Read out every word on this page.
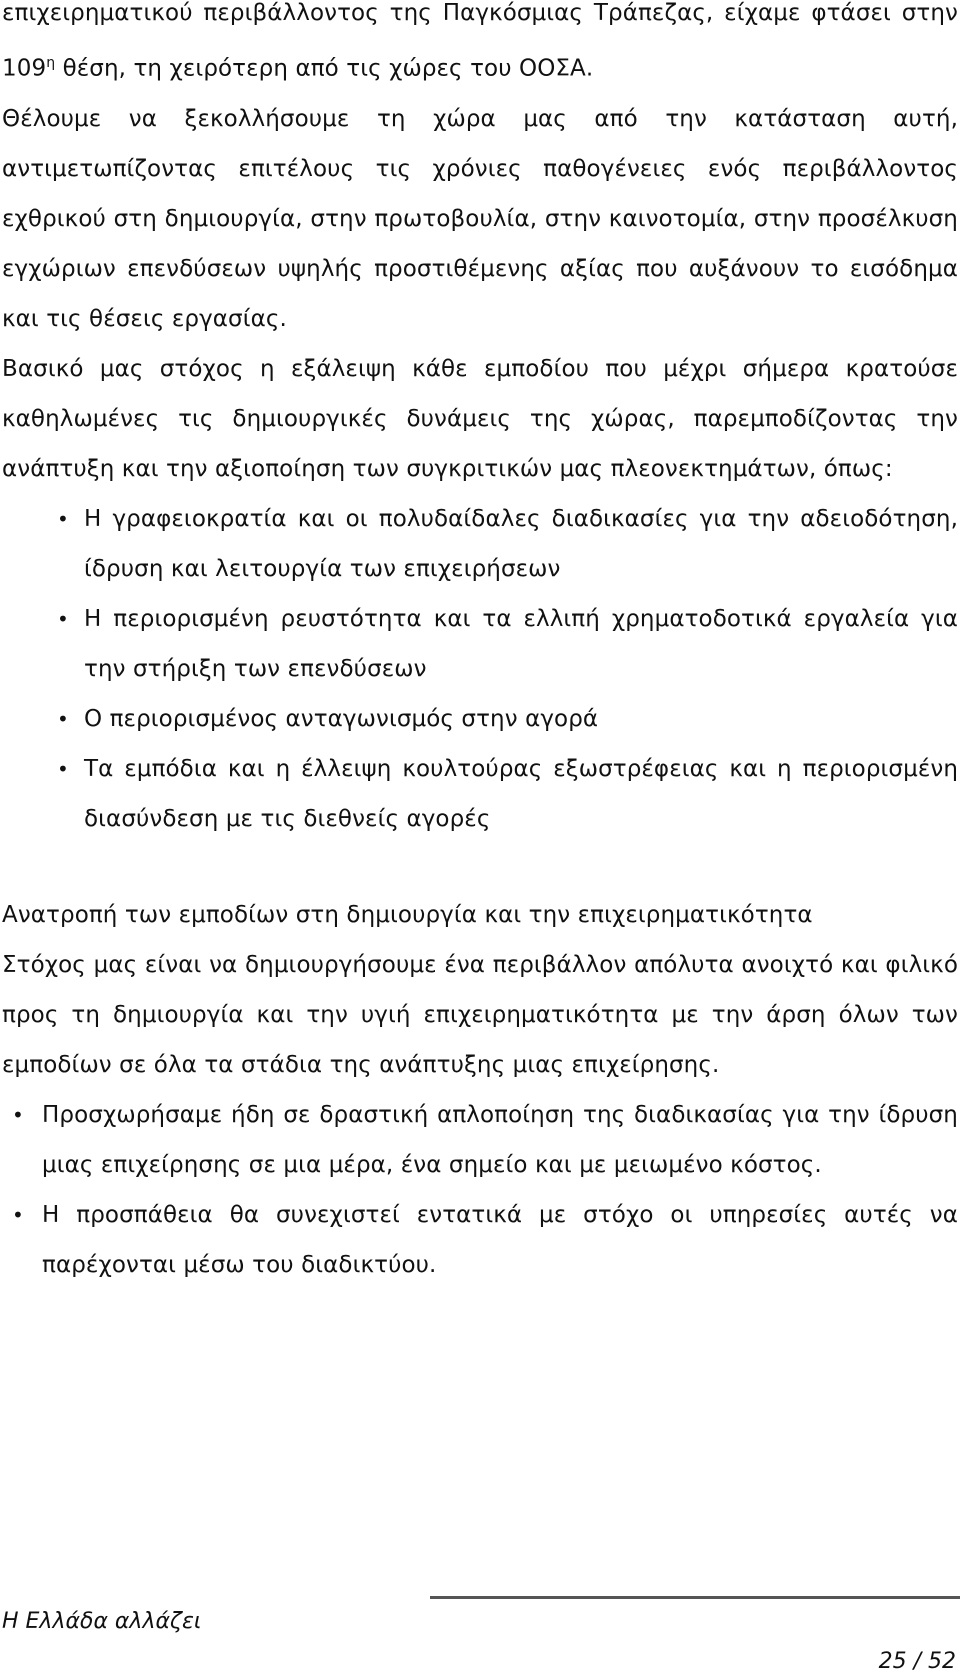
επιχειρηματικού περιβάλλοντος της Παγκόσμιας Τράπεζας, είχαμε φτάσει στην $109^\eta$ θέση, τη χειρότερη από τις χώρες του ΟΟΣΑ.

Θέλουμε να ξεκολλήσουμε τη χώρα μας από την κατάσταση αυτή, αντιμετωπίζοντας επιτέλους τις χρόνιες παθογένειες ενός περιβάλλοντος εχθρικού στη δημιουργία, στην πρωτοβουλία, στην καινοτομία, στην προσέλκυση εγχώριων επενδύσεων υψηλής προστιθέμενης αξίας που αυξάνουν το εισόδημα και τις θέσεις εργασίας.

Βασικό μας στόχος η εξάλειψη κάθε εμποδίου που μέχρι σήμερα κρατούσε καθηλωμένες τις δημιουργικές δυνάμεις της χώρας, παρεμποδίζοντας την ανάπτυξη και την αξιοποίηση των συγκριτικών μας πλεονεκτημάτων, όπως:

• Η γραφειοκρατία και οι πολυδαίδαλες διαδικασίες για την αδειοδότηση, ίδρυση και λειτουργία των επιχειρήσεων
• Η περιορισμένη ρευστότητα και τα ελλιπή χρηματοδοτικά εργαλεία για την στήριξη των επενδύσεων
• Ο περιορισμένος ανταγωνισμός στην αγορά
• Τα εμπόδια και η έλλειψη κουλτούρας εξωστρέφειας και η περιορισμένη διασύνδεση με τις διεθνείς αγορές

Ανατροπή των εμποδίων στη δημιουργία και την επιχειρηματικότητα

Στόχος μας είναι να δημιουργήσουμε ένα περιβάλλον απόλυτα ανοιχτό και φιλικό προς τη δημιουργία και την υγιή επιχειρηματικότητα με την άρση όλων των εμποδίων σε όλα τα στάδια της ανάπτυξης μιας επιχείρησης.

• Προσχωρήσαμε ήδη σε δραστική απλοποίηση της διαδικασίας για την ίδρυση μιας επιχείρησης σε μια μέρα, ένα σημείο και με μειωμένο κόστος.
• Η προσπάθεια θα συνεχιστεί εντατικά με στόχο οι υπηρεσίες αυτές να παρέχονται μέσω του διαδικτύου.
Η Ελλάδα αλλάζει
25 / 52
